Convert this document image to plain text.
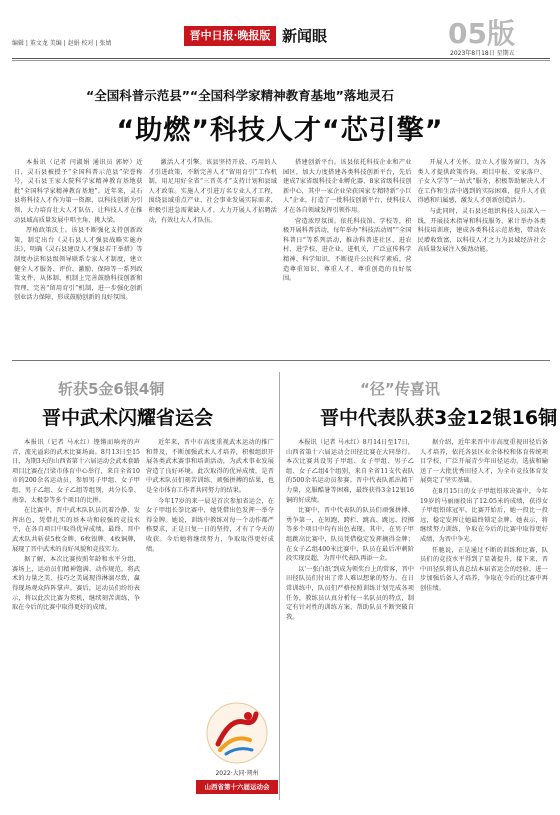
编辑 | 董文龙 美编 | 赵娟 校对 | 张婧
晋中日报·晚报版 新闻眼	05版
2023年8月18日 星期五
“全国科普示范县”“全国科学家精神教育基地”落地灵石
“助燃”科技人才“芯引擎”

本报讯（记者 闫淑娟 通讯员 郭婷）近日，灵石县被授予“全国科普示范县”荣誉称号，灵石县王家大院科学家精神教育基地获批“全国科学家精神教育基地”。近年来，灵石县将科技人才作为第一资源，以科技创新为引领，大力培育壮大人才队伍，让科技人才在推动县域高质量发展中唱主角、挑大梁。

厚植政策沃土。该县不断强化支持创新政策，制定出台《灵石县人才强县战略实施办法》，明确《灵石县建设人才强县若干举措》等制度办法和县级领导联系专家人才制度，建立健全人才服务、评价、激励、保障等一系列政策文件，从体制、机制上完善鼓励科技创新和管理，完善“留用育引”机制，进一步强化创新创业活力保障，形成鼓励创新的良好氛围。

激活人才引擎。该县坚持开放、巧用的人才引进政策，不断完善人才“留用育引”工作机制，用足用好全省“三晋英才”支持计划和县域人才政策。实施人才引进万名专业人才工程，围绕县域重点产业、社会事业发展实际需求，积极引进急需紧缺人才，大力开展人才招聘活动，有效壮大人才队伍。

搭建创新平台。该县依托科技企业和产业园区，加大力度搭建各类科技创新平台，先后建成7家省级科技企业孵化器、8家省级科技创新中心，其中一家企业荣获国家专精特新“小巨人”企业，打造了一批科技创新平台，使科技人才在各自领域发挥引领作用。

营造浓厚氛围。依托科技馆、学校等，积极开展科普活动，每年举办“科技活动周”“全国科普日”等系列活动，推动科普进社区、进农村、进学校、进企业、进机关，广泛宣传科学精神、科学知识，不断提升公民科学素质，营造尊重知识、尊重人才、尊重创造的良好氛围。

开展人才关怀。设立人才服务窗口，为各类人才提供政策咨询、项目申报、安家落户、子女入学等“一站式”服务，积极帮助解决人才在工作和生活中遇到的实际困难，提升人才获得感和归属感，激发人才创新创造活力。

与此同时，灵石县还组织科技人员深入一线，开展技术指导和科技服务，累计举办各类科技培训班，建成各类科技示范基地，带动农民增收致富，以科技人才之力为县域经济社会高质量发展注入强劲动能。

斩获5金6银4铜
晋中武术闪耀省运会

本报讯（记者 马永红）铿锵而响亮的声音，流光溢彩的武术比赛场面。8月13日至15日，为期3天的山西省第十六届运动会武术套路项目比赛在吕梁市体育中心举行，来自全省10市的200余名运动员，参加男子甲组、女子甲组、男子乙组、女子乙组等组别，共分长拳、南拳、太极拳等多个项目的比拼。

在比赛中，晋中武术队队员沉着冷静、发挥出色，凭借扎实的基本功和较强的竞技水平，在各自项目中取得优异成绩。最终，晋中武术队共斩获5枚金牌、6枚银牌、4枚铜牌，展现了晋中武术的良好风貌和竞技实力。

据了解，本次比赛按照年龄和水平分组，赛场上，运动员们精神饱满、动作规范，将武术的力量之美、技巧之美展现得淋漓尽致，赢得现场观众阵阵掌声。赛后，运动员们纷纷表示，将以此次比赛为契机，继续刻苦训练，争取在今后的比赛中取得更好的成绩。

近年来，晋中市高度重视武术运动的推广和普及，不断加强武术人才培养，积极组织开展各类武术赛事和培训活动，为武术事业发展营造了良好环境。此次取得的优异成绩，是晋中武术队员们刻苦训练、顽强拼搏的结果，也是全市体育工作者共同努力的结果。

今年17岁的来一晨是首次参加省运会，在女子甲组长拳比赛中，她凭借出色发挥一举夺得金牌。她说，训练中教练对每一个动作都严格要求，正是日复一日的坚持，才有了今天的收获。今后她将继续努力，争取取得更好成绩。

“径”传喜讯
晋中代表队获3金12银16铜

本报讯（记者 马永红）8月14日至17日，山西省第十六届运动会田径比赛在大同举行。本次比赛共设男子甲组、女子甲组、男子乙组、女子乙组4个组别，来自全省11支代表队的500余名运动员参赛。晋中代表队派出精干力量，克服酷暑等困难，最终获得3金12银16铜的好成绩。

比赛中，晋中代表队的队员们顽强拼搏、勇争第一，在短跑、跨栏、跳高、跳远、投掷等多个项目中均有出色表现。其中，在男子甲组跳高比赛中，队员凭借稳定发挥摘得金牌；在女子乙组400米比赛中，队员在最后冲刺阶段实现反超，为晋中代表队再添一金。

以‘一张白纸’到成为领奖台上的常客，晋中田径队员们付出了常人难以想象的努力。在日常训练中，队员们严格按照训练计划完成各项任务，教练员认真分析每一名队员的特点，制定有针对性的训练方案，帮助队员不断突破自我。

据介绍，近年来晋中市高度重视田径后备人才培养，依托各县区业余体校和体育传统项目学校，广泛开展青少年田径运动，选拔和输送了一大批优秀田径人才，为全市竞技体育发展奠定了坚实基础。

在8月15日的女子甲组铅球决赛中，今年19岁的马丽丽投出了12.05米的成绩，获得女子甲组铅球冠军。比赛开始后，她一投比一投远，稳定发挥让她最终锁定金牌。她表示，将继续努力训练，争取在今后的比赛中取得更好成绩，为晋中争光。

任驰说，正是通过不断的训练和比赛，队员们的竞技水平得到了显著提升，接下来，晋中田径队将认真总结本届省运会的经验，进一步加强后备人才培养，争取在今后的比赛中再创佳绩。

2022·大同·朔州
山西省第十六届运动会
